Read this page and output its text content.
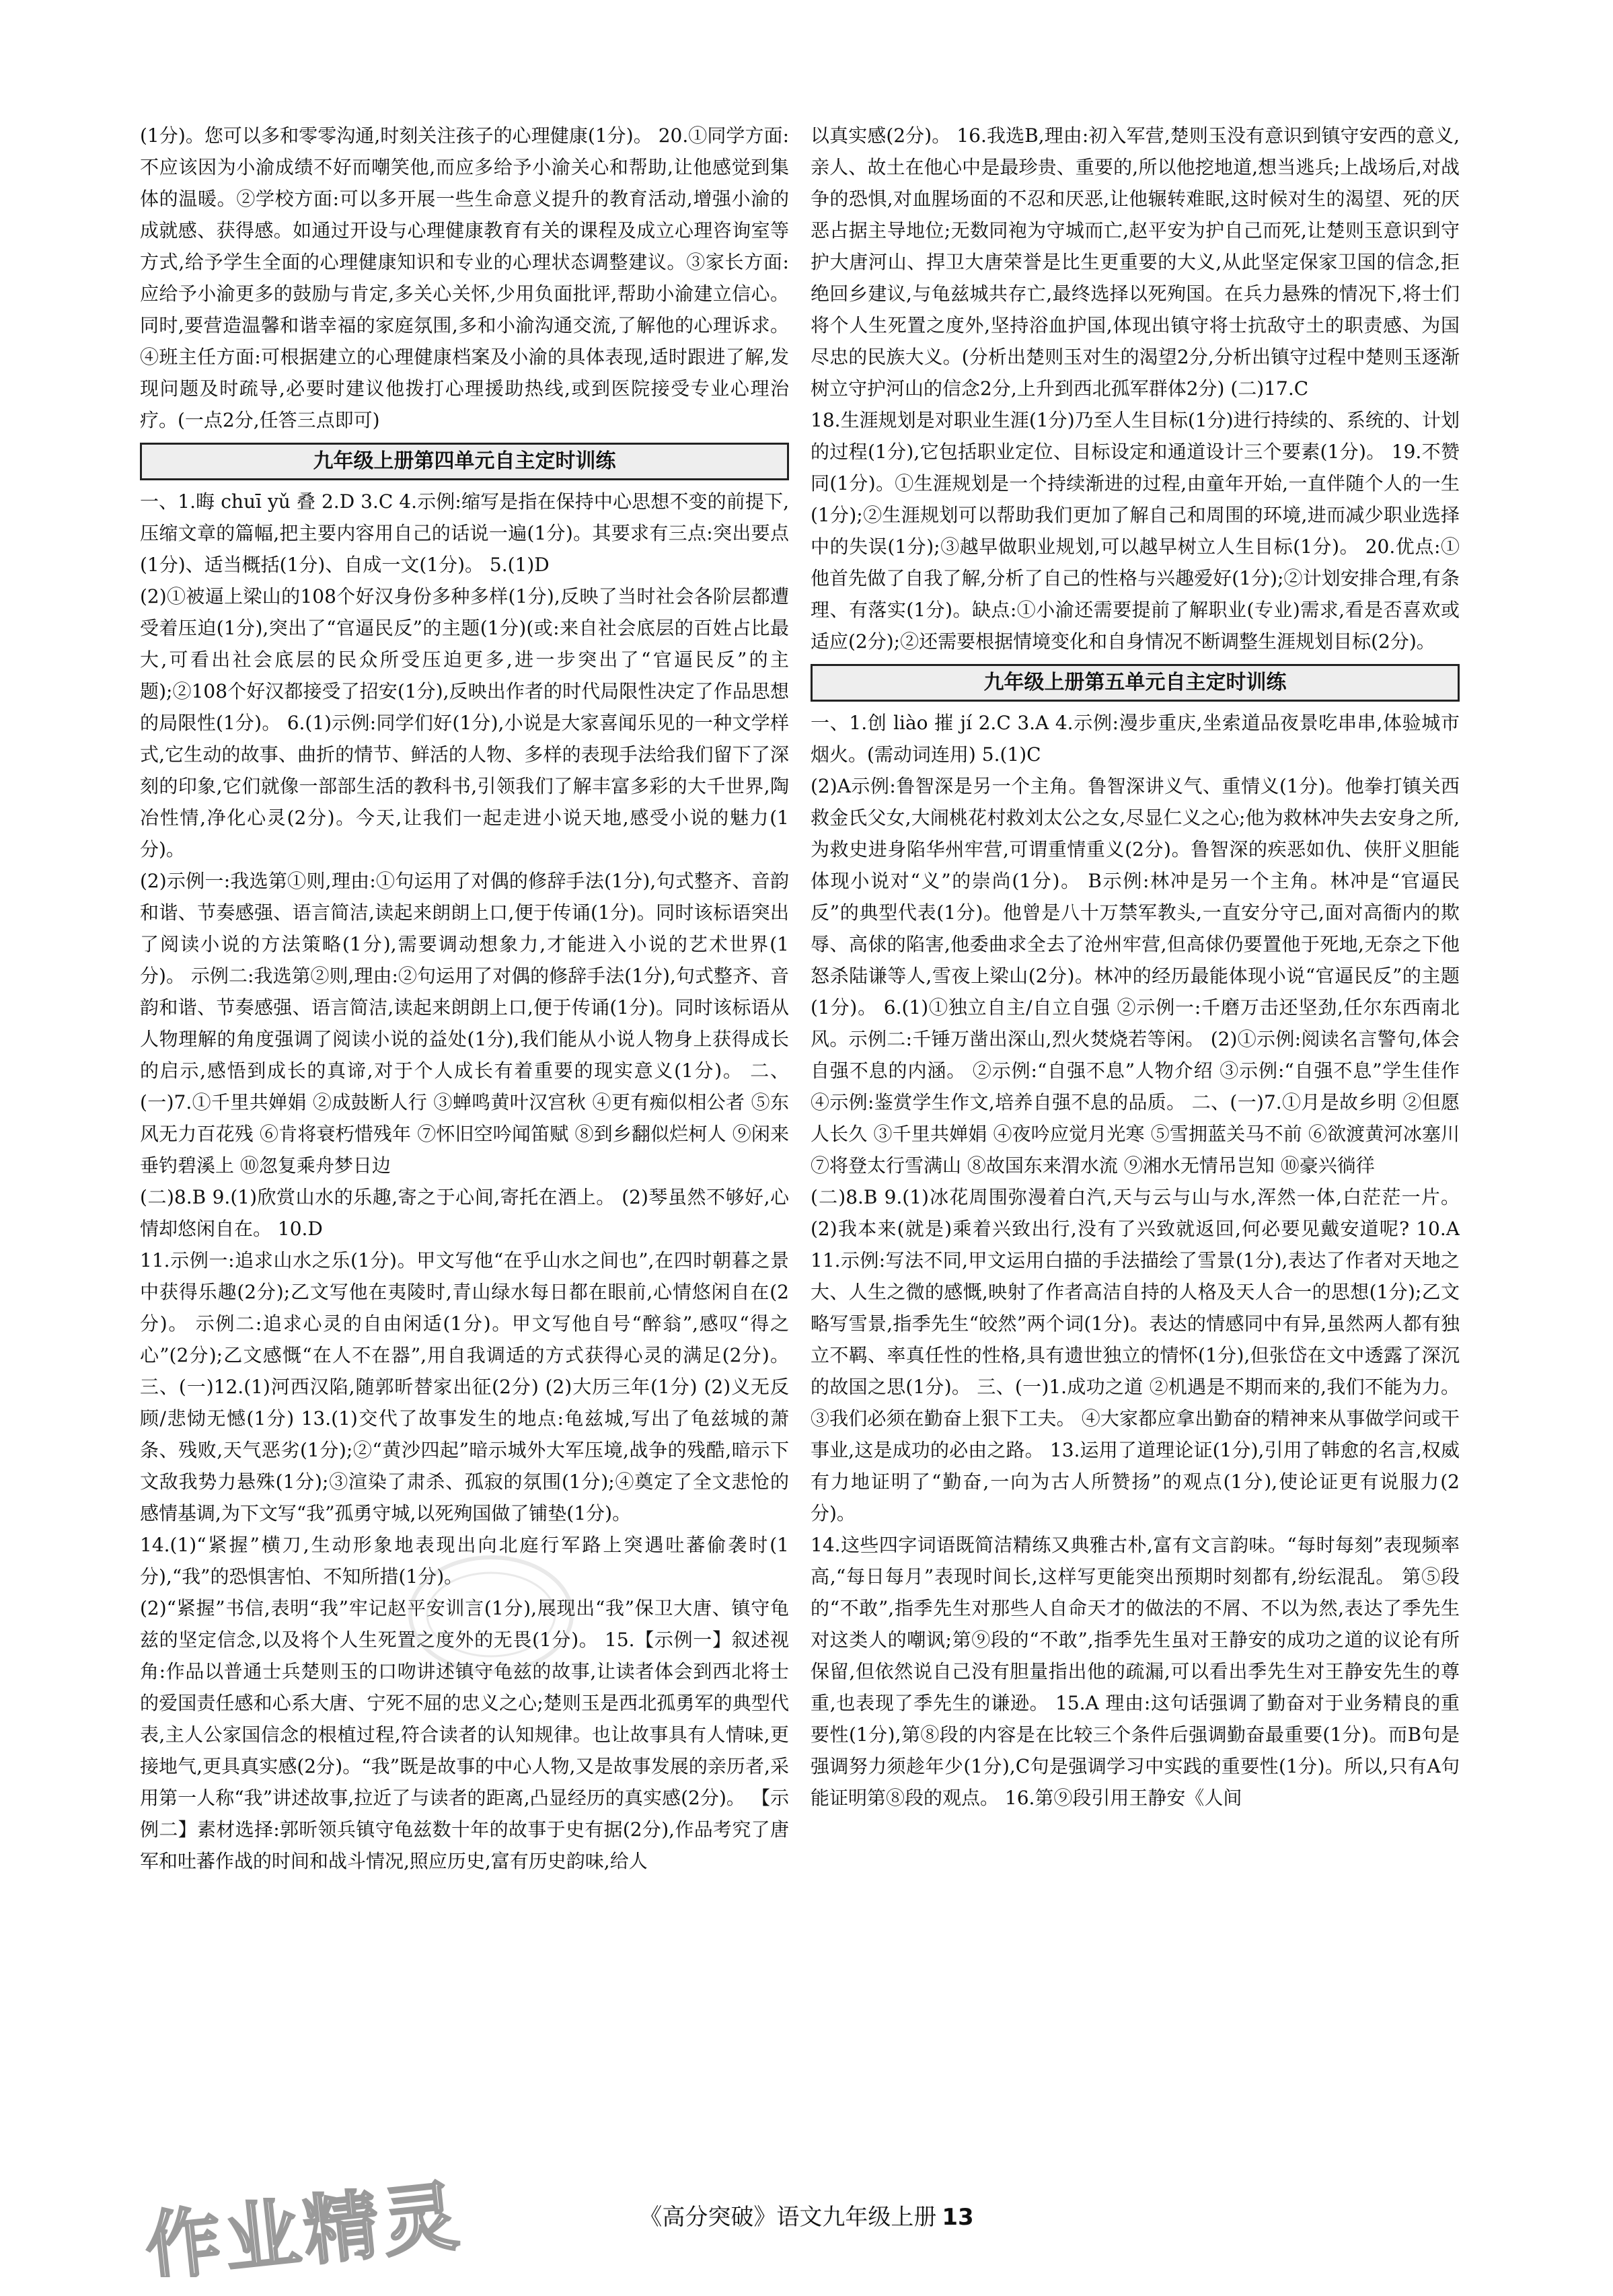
(1分)。您可以多和零零沟通,时刻关注孩子的心理健康(1分)。 20.①同学方面:不应该因为小渝成绩不好而嘲笑他,而应多给予小渝关心和帮助,让他感觉到集体的温暖。②学校方面:可以多开展一些生命意义提升的教育活动,增强小渝的成就感、获得感。如通过开设与心理健康教育有关的课程及成立心理咨询室等方式,给予学生全面的心理健康知识和专业的心理状态调整建议。③家长方面:应给予小渝更多的鼓励与肯定,多关心关怀,少用负面批评,帮助小渝建立信心。同时,要营造温馨和谐幸福的家庭氛围,多和小渝沟通交流,了解他的心理诉求。④班主任方面:可根据建立的心理健康档案及小渝的具体表现,适时跟进了解,发现问题及时疏导,必要时建议他拨打心理援助热线,或到医院接受专业心理治疗。(一点2分,任答三点即可)

九年级上册第四单元自主定时训练

一、1.晦 chuī yǔ 叠 2.D 3.C 4.示例:缩写是指在保持中心思想不变的前提下,压缩文章的篇幅,把主要内容用自己的话说一遍(1分)。其要求有三点:突出要点(1分)、适当概括(1分)、自成一文(1分)。 5.(1)D

(2)①被逼上梁山的108个好汉身份多种多样(1分),反映了当时社会各阶层都遭受着压迫(1分),突出了“官逼民反”的主题(1分)(或:来自社会底层的百姓占比最大,可看出社会底层的民众所受压迫更多,进一步突出了“官逼民反”的主题);②108个好汉都接受了招安(1分),反映出作者的时代局限性决定了作品思想的局限性(1分)。 6.(1)示例:同学们好(1分),小说是大家喜闻乐见的一种文学样式,它生动的故事、曲折的情节、鲜活的人物、多样的表现手法给我们留下了深刻的印象,它们就像一部部生活的教科书,引领我们了解丰富多彩的大千世界,陶冶性情,净化心灵(2分)。今天,让我们一起走进小说天地,感受小说的魅力(1分)。

(2)示例一:我选第①则,理由:①句运用了对偶的修辞手法(1分),句式整齐、音韵和谐、节奏感强、语言简洁,读起来朗朗上口,便于传诵(1分)。同时该标语突出了阅读小说的方法策略(1分),需要调动想象力,才能进入小说的艺术世界(1分)。 示例二:我选第②则,理由:②句运用了对偶的修辞手法(1分),句式整齐、音韵和谐、节奏感强、语言简洁,读起来朗朗上口,便于传诵(1分)。同时该标语从人物理解的角度强调了阅读小说的益处(1分),我们能从小说人物身上获得成长的启示,感悟到成长的真谛,对于个人成长有着重要的现实意义(1分)。 二、(一)7.①千里共婵娟 ②成鼓断人行 ③蝉鸣黄叶汉宫秋 ④更有痴似相公者 ⑤东风无力百花残 ⑥肯将衰朽惜残年 ⑦怀旧空吟闻笛赋 ⑧到乡翻似烂柯人 ⑨闲来垂钓碧溪上 ⑩忽复乘舟梦日边

(二)8.B 9.(1)欣赏山水的乐趣,寄之于心间,寄托在酒上。 (2)琴虽然不够好,心情却悠闲自在。 10.D

11.示例一:追求山水之乐(1分)。甲文写他“在乎山水之间也”,在四时朝暮之景中获得乐趣(2分);乙文写他在夷陵时,青山绿水每日都在眼前,心情悠闲自在(2分)。 示例二:追求心灵的自由闲适(1分)。甲文写他自号“醉翁”,感叹“得之心”(2分);乙文感慨“在人不在器”,用自我调适的方式获得心灵的满足(2分)。 三、(一)12.(1)河西汉陷,随郭昕替家出征(2分) (2)大历三年(1分) (2)义无反顾/悲恸无憾(1分) 13.(1)交代了故事发生的地点:龟兹城,写出了龟兹城的萧条、残败,天气恶劣(1分);②“黄沙四起”暗示城外大军压境,战争的残酷,暗示下文敌我势力悬殊(1分);③渲染了肃杀、孤寂的氛围(1分);④奠定了全文悲怆的感情基调,为下文写“我”孤勇守城,以死殉国做了铺垫(1分)。

14.(1)“紧握”横刀,生动形象地表现出向北庭行军路上突遇吐蕃偷袭时(1分),“我”的恐惧害怕、不知所措(1分)。

(2)“紧握”书信,表明“我”牢记赵平安训言(1分),展现出“我”保卫大唐、镇守龟兹的坚定信念,以及将个人生死置之度外的无畏(1分)。 15.【示例一】叙述视角:作品以普通士兵楚则玉的口吻讲述镇守龟兹的故事,让读者体会到西北将士的爱国责任感和心系大唐、宁死不屈的忠义之心;楚则玉是西北孤勇军的典型代表,主人公家国信念的根植过程,符合读者的认知规律。也让故事具有人情味,更接地气,更具真实感(2分)。“我”既是故事的中心人物,又是故事发展的亲历者,采用第一人称“我”讲述故事,拉近了与读者的距离,凸显经历的真实感(2分)。 【示例二】素材选择:郭昕领兵镇守龟兹数十年的故事于史有据(2分),作品考究了唐军和吐蕃作战的时间和战斗情况,照应历史,富有历史韵味,给人

以真实感(2分)。 16.我选B,理由:初入军营,楚则玉没有意识到镇守安西的意义,亲人、故土在他心中是最珍贵、重要的,所以他挖地道,想当逃兵;上战场后,对战争的恐惧,对血腥场面的不忍和厌恶,让他辗转难眠,这时候对生的渴望、死的厌恶占据主导地位;无数同袍为守城而亡,赵平安为护自己而死,让楚则玉意识到守护大唐河山、捍卫大唐荣誉是比生更重要的大义,从此坚定保家卫国的信念,拒绝回乡建议,与龟兹城共存亡,最终选择以死殉国。在兵力悬殊的情况下,将士们将个人生死置之度外,坚持浴血护国,体现出镇守将士抗敌守土的职责感、为国尽忠的民族大义。(分析出楚则玉对生的渴望2分,分析出镇守过程中楚则玉逐渐树立守护河山的信念2分,上升到西北孤军群体2分) (二)17.C

18.生涯规划是对职业生涯(1分)乃至人生目标(1分)进行持续的、系统的、计划的过程(1分),它包括职业定位、目标设定和通道设计三个要素(1分)。 19.不赞同(1分)。①生涯规划是一个持续渐进的过程,由童年开始,一直伴随个人的一生(1分);②生涯规划可以帮助我们更加了解自己和周围的环境,进而减少职业选择中的失误(1分);③越早做职业规划,可以越早树立人生目标(1分)。 20.优点:①他首先做了自我了解,分析了自己的性格与兴趣爱好(1分);②计划安排合理,有条理、有落实(1分)。缺点:①小渝还需要提前了解职业(专业)需求,看是否喜欢或适应(2分);②还需要根据情境变化和自身情况不断调整生涯规划目标(2分)。

九年级上册第五单元自主定时训练

一、1.创 liào 摧 jí 2.C 3.A 4.示例:漫步重庆,坐索道品夜景吃串串,体验城市烟火。(需动词连用) 5.(1)C

(2)A示例:鲁智深是另一个主角。鲁智深讲义气、重情义(1分)。他拳打镇关西救金氏父女,大闹桃花村救刘太公之女,尽显仁义之心;他为救林冲失去安身之所,为救史进身陷华州牢营,可谓重情重义(2分)。鲁智深的疾恶如仇、侠肝义胆能体现小说对“义”的崇尚(1分)。 B示例:林冲是另一个主角。林冲是“官逼民反”的典型代表(1分)。他曾是八十万禁军教头,一直安分守己,面对高衙内的欺辱、高俅的陷害,他委曲求全去了沧州牢营,但高俅仍要置他于死地,无奈之下他怒杀陆谦等人,雪夜上梁山(2分)。林冲的经历最能体现小说“官逼民反”的主题(1分)。 6.(1)①独立自主/自立自强 ②示例一:千磨万击还坚劲,任尔东西南北风。示例二:千锤万凿出深山,烈火焚烧若等闲。 (2)①示例:阅读名言警句,体会自强不息的内涵。 ②示例:“自强不息”人物介绍 ③示例:“自强不息”学生佳作 ④示例:鉴赏学生作文,培养自强不息的品质。 二、(一)7.①月是故乡明 ②但愿人长久 ③千里共婵娟 ④夜吟应觉月光寒 ⑤雪拥蓝关马不前 ⑥欲渡黄河冰塞川 ⑦将登太行雪满山 ⑧故国东来渭水流 ⑨湘水无情吊岂知 ⑩豪兴徜徉

(二)8.B 9.(1)冰花周围弥漫着白汽,天与云与山与水,浑然一体,白茫茫一片。 (2)我本来(就是)乘着兴致出行,没有了兴致就返回,何必要见戴安道呢? 10.A 11.示例:写法不同,甲文运用白描的手法描绘了雪景(1分),表达了作者对天地之大、人生之微的感慨,映射了作者高洁自持的人格及天人合一的思想(1分);乙文略写雪景,指季先生“皎然”两个词(1分)。表达的情感同中有异,虽然两人都有独立不羁、率真任性的性格,具有遗世独立的情怀(1分),但张岱在文中透露了深沉的故国之思(1分)。 三、(一)1.成功之道 ②机遇是不期而来的,我们不能为力。 ③我们必须在勤奋上狠下工夫。 ④大家都应拿出勤奋的精神来从事做学问或干事业,这是成功的必由之路。 13.运用了道理论证(1分),引用了韩愈的名言,权威有力地证明了“勤奋,一向为古人所赞扬”的观点(1分),使论证更有说服力(2分)。

14.这些四字词语既简洁精练又典雅古朴,富有文言韵味。“每时每刻”表现频率高,“每日每月”表现时间长,这样写更能突出预期时刻都有,纷纭混乱。 第⑤段的“不敢”,指季先生对那些人自命天才的做法的不屑、不以为然,表达了季先生对这类人的嘲讽;第⑨段的“不敢”,指季先生虽对王静安的成功之道的议论有所保留,但依然说自己没有胆量指出他的疏漏,可以看出季先生对王静安先生的尊重,也表现了季先生的谦逊。 15.A 理由:这句话强调了勤奋对于业务精良的重要性(1分),第⑧段的内容是在比较三个条件后强调勤奋最重要(1分)。而B句是强调努力须趁年少(1分),C句是强调学习中实践的重要性(1分)。所以,只有A句能证明第⑧段的观点。 16.第⑨段引用王静安《人间

《高分突破》语文九年级上册 13
作业精灵
